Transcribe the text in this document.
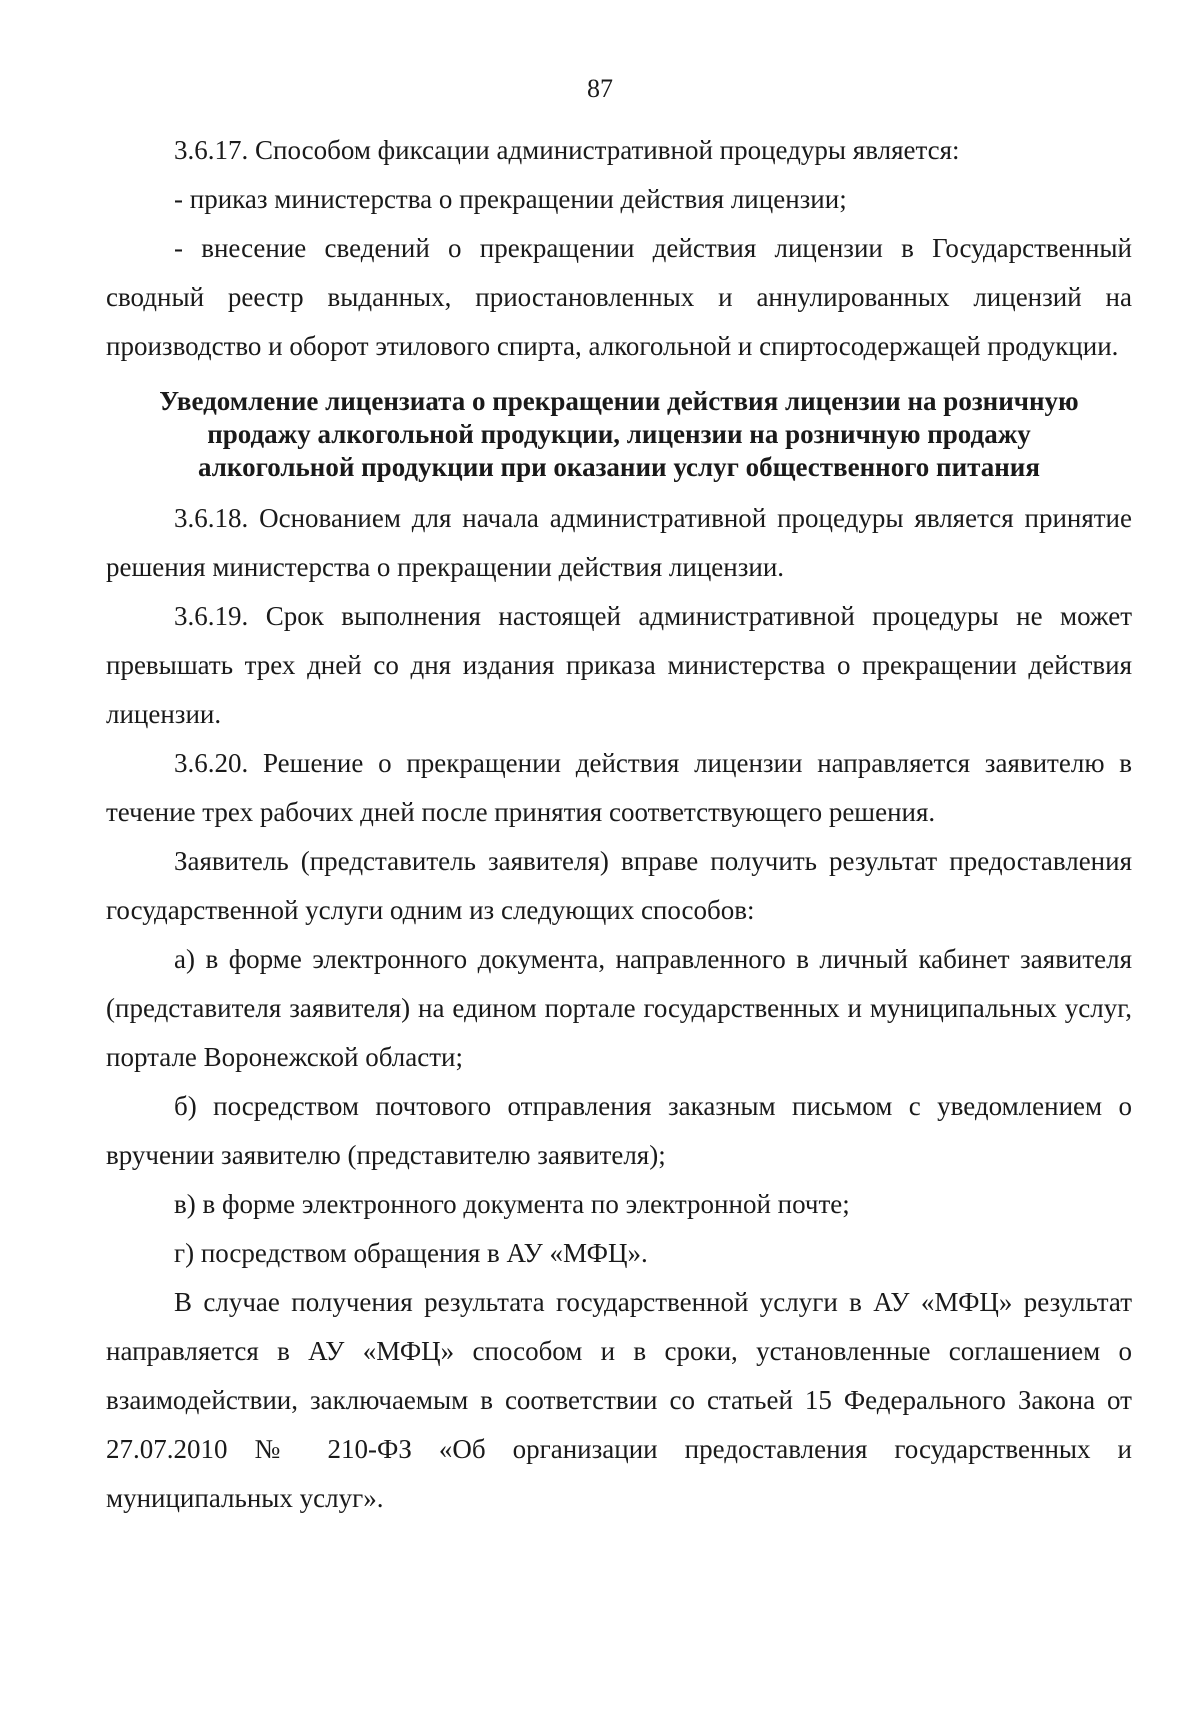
87

3.6.17. Способом фиксации административной процедуры является:

- приказ министерства о прекращении действия лицензии;

- внесение сведений о прекращении действия лицензии в Государственный сводный реестр выданных, приостановленных и аннулированных лицензий на производство и оборот этилового спирта, алкогольной и спиртосодержащей продукции.

Уведомление лицензиата о прекращении действия лицензии на розничную продажу алкогольной продукции, лицензии на розничную продажу алкогольной продукции при оказании услуг общественного питания

3.6.18. Основанием для начала административной процедуры является принятие решения министерства о прекращении действия лицензии.

3.6.19. Срок выполнения настоящей административной процедуры не может превышать трех дней со дня издания приказа министерства о прекращении действия лицензии.

3.6.20. Решение о прекращении действия лицензии направляется заявителю в течение трех рабочих дней после принятия соответствующего решения.

Заявитель (представитель заявителя) вправе получить результат предоставления государственной услуги одним из следующих способов:

а) в форме электронного документа, направленного в личный кабинет заявителя (представителя заявителя) на едином портале государственных и муниципальных услуг, портале Воронежской области;

б) посредством почтового отправления заказным письмом с уведомлением о вручении заявителю (представителю заявителя);

в) в форме электронного документа по электронной почте;

г) посредством обращения в АУ «МФЦ».

В случае получения результата государственной услуги в АУ «МФЦ» результат направляется в АУ «МФЦ» способом и в сроки, установленные соглашением о взаимодействии, заключаемым в соответствии со статьей 15 Федерального Закона от 27.07.2010 № 210-ФЗ «Об организации предоставления государственных и муниципальных услуг».
